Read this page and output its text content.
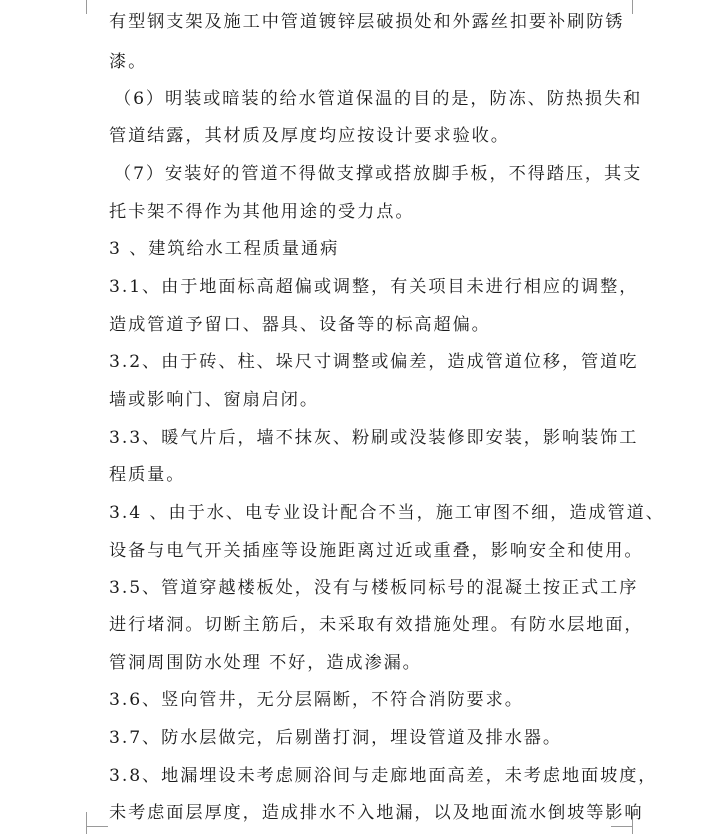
有型钢支架及施工中管道镀锌层破损处和外露丝扣要补刷防锈
漆。
（6）明装或暗装的给水管道保温的目的是，防冻、防热损失和
管道结露，其材质及厚度均应按设计要求验收。
（7）安装好的管道不得做支撑或搭放脚手板，不得踏压，其支
托卡架不得作为其他用途的受力点。
3 、建筑给水工程质量通病
3.1、由于地面标高超偏或调整，有关项目未进行相应的调整，
造成管道予留口、器具、设备等的标高超偏。
3.2、由于砖、柱、垛尺寸调整或偏差，造成管道位移，管道吃
墙或影响门、窗扇启闭。
3.3、暖气片后，墙不抹灰、粉刷或没装修即安装，影响装饰工
程质量。
3.4 、由于水、电专业设计配合不当，施工审图不细，造成管道、
设备与电气开关插座等设施距离过近或重叠，影响安全和使用。
3.5、管道穿越楼板处，没有与楼板同标号的混凝土按正式工序
进行堵洞。切断主筋后，未采取有效措施处理。有防水层地面，
管洞周围防水处理 不好，造成渗漏。
3.6、竖向管井，无分层隔断，不符合消防要求。
3.7、防水层做完，后剔凿打洞，埋设管道及排水器。
3.8、地漏埋设未考虑厕浴间与走廊地面高差，未考虑地面坡度，
未考虑面层厚度，造成排水不入地漏，以及地面流水倒坡等影响
